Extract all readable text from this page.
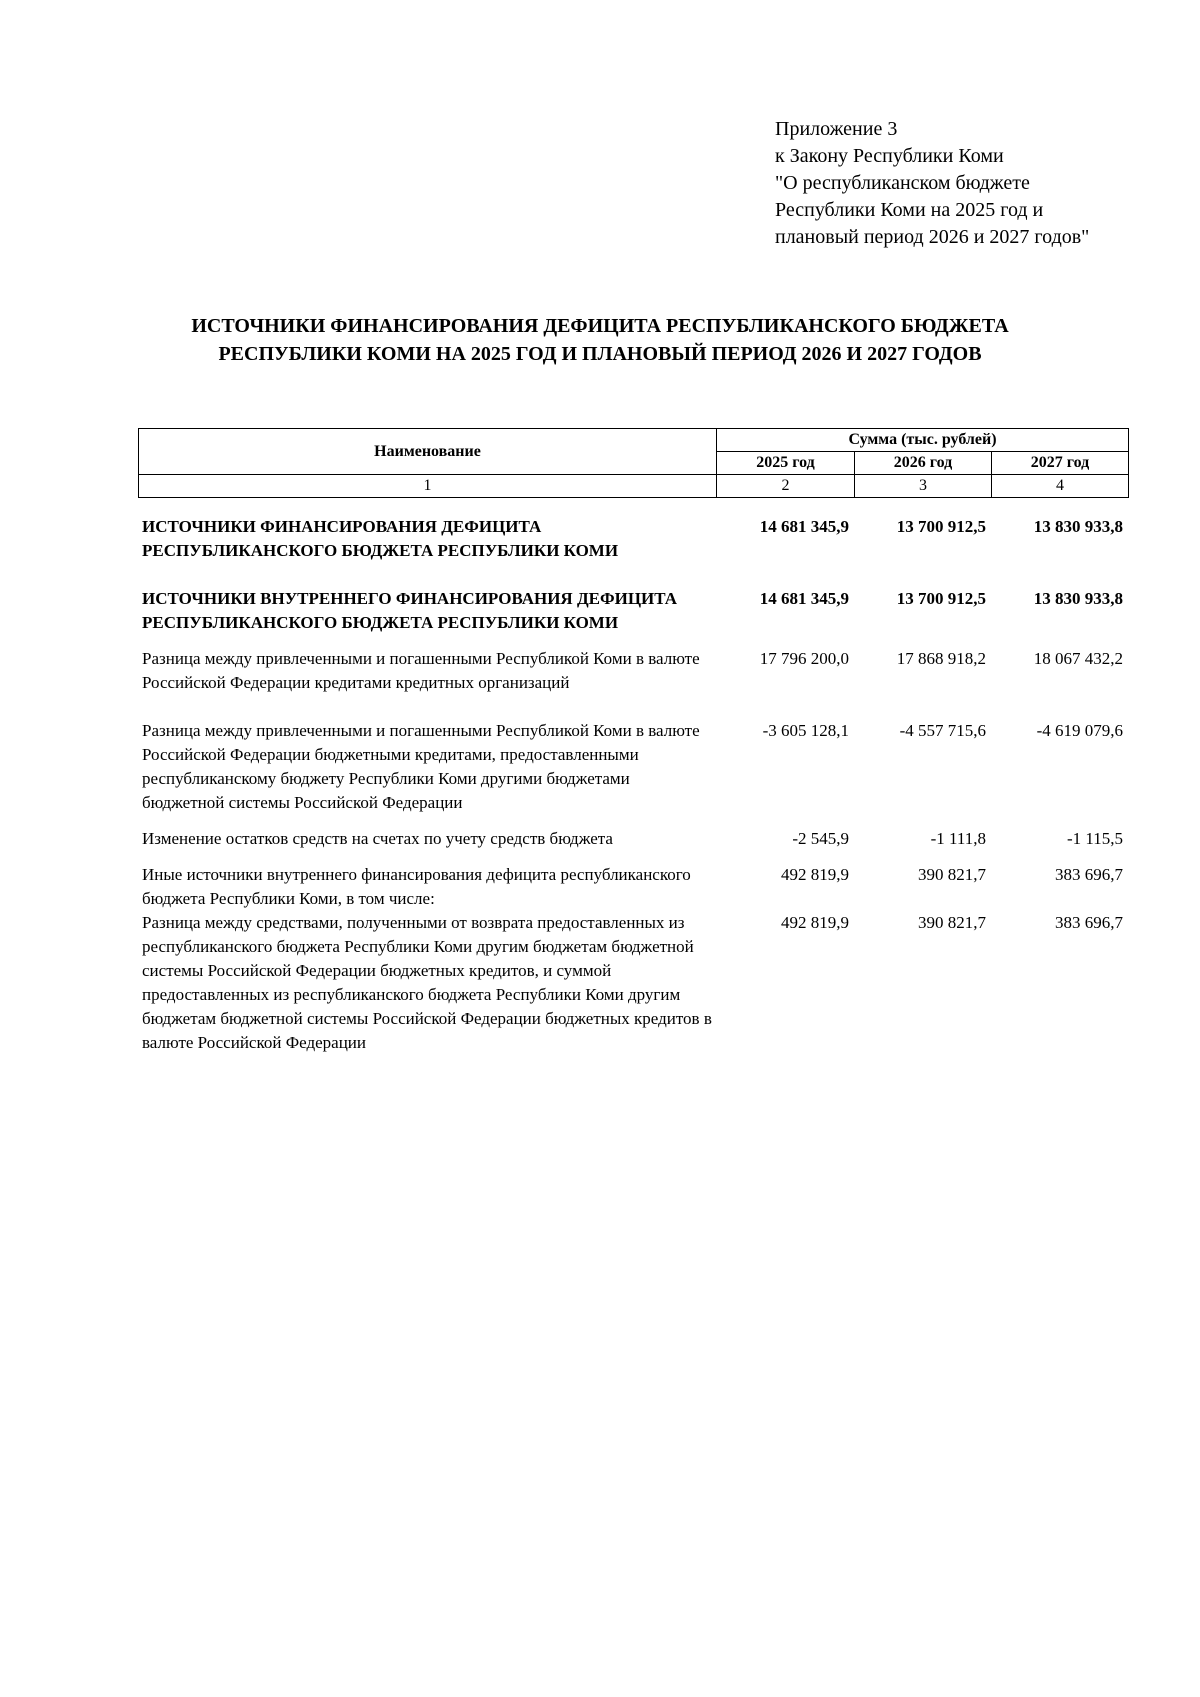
Приложение 3
к Закону Республики Коми
"О республиканском бюджете
Республики Коми на 2025 год и
плановый период 2026 и 2027 годов"
ИСТОЧНИКИ ФИНАНСИРОВАНИЯ ДЕФИЦИТА РЕСПУБЛИКАНСКОГО БЮДЖЕТА
РЕСПУБЛИКИ КОМИ НА 2025 ГОД И ПЛАНОВЫЙ ПЕРИОД 2026 И 2027 ГОДОВ
Наименование	Сумма (тыс. рублей)		
	2025 год	2026 год	2027 год
1	2	3	4
ИСТОЧНИКИ ФИНАНСИРОВАНИЯ ДЕФИЦИТА РЕСПУБЛИКАНСКОГО БЮДЖЕТА РЕСПУБЛИКИ КОМИ	14 681 345,9	13 700 912,5	13 830 933,8

ИСТОЧНИКИ ВНУТРЕННЕГО ФИНАНСИРОВАНИЯ ДЕФИЦИТА РЕСПУБЛИКАНСКОГО БЮДЖЕТА РЕСПУБЛИКИ КОМИ	14 681 345,9	13 700 912,5	13 830 933,8

Разница между привлеченными и погашенными Республикой Коми в валюте Российской Федерации кредитами кредитных организаций	17 796 200,0	17 868 918,2	18 067 432,2

Разница между привлеченными и погашенными Республикой Коми в валюте Российской Федерации бюджетными кредитами, предоставленными республиканскому бюджету Республики Коми другими бюджетами бюджетной системы Российской Федерации	-3 605 128,1	-4 557 715,6	-4 619 079,6

Изменение остатков средств на счетах по учету средств бюджета	-2 545,9	-1 111,8	-1 115,5

Иные источники внутреннего финансирования дефицита республиканского бюджета Республики Коми, в том числе:	492 819,9	390 821,7	383 696,7
Разница между средствами, полученными от возврата предоставленных из республиканского бюджета Республики Коми другим бюджетам бюджетной системы Российской Федерации бюджетных кредитов, и суммой предоставленных из республиканского бюджета Республики Коми другим бюджетам бюджетной системы Российской Федерации бюджетных кредитов в валюте Российской Федерации	492 819,9	390 821,7	383 696,7
